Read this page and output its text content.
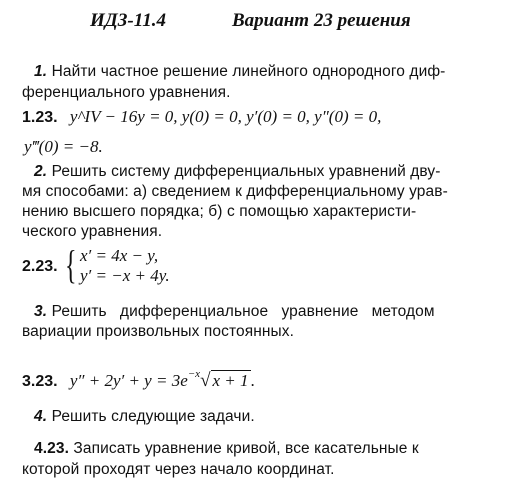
ИДЗ-11.4	Вариант 23 решения
1. Найти частное решение линейного однородного диф-
ференциального уравнения.
1.23. y^IV − 16y = 0, y(0) = 0, y′(0) = 0, y″(0) = 0,
y‴(0) = −8.
2. Решить систему дифференциальных уравнений дву-
мя способами: а) сведением к дифференциальному урав-
нению высшего порядка; б) с помощью характеристи-
ческого уравнения.
2.23. { x′ = 4x − y,
y′ = −x + 4y.
3. Решить   дифференциальное   уравнение   методом
вариации произвольных постоянных.
3.23. $y'' + 2y' + y = 3e^{-x}√$ x + 1 .
4. Решить следующие задачи.
4.23. Записать уравнение кривой, все касательные к
которой проходят через начало координат.
